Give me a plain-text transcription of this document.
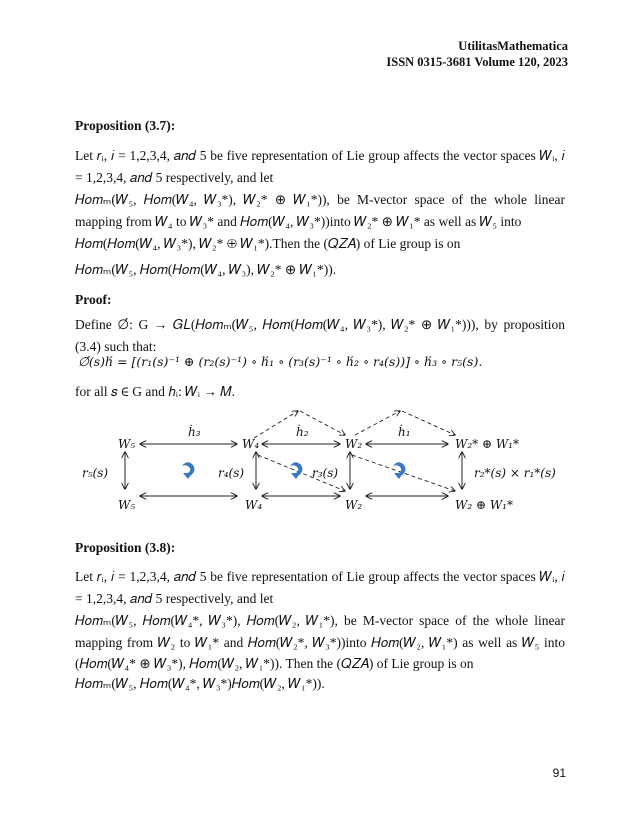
UtilitasMathematica
ISSN 0315-3681 Volume 120, 2023
Proposition (3.7):
Let 𝑟ᵢ, 𝑖 = 1,2,3,4, 𝑎𝑛𝑑 5 be five representation of Lie group affects the vector spaces 𝑊ᵢ, 𝑖 = 1,2,3,4, 𝑎𝑛𝑑 5 respectively, and let
𝐻𝑜𝑚ₘ(𝑊₅, 𝐻𝑜𝑚(𝑊₄, 𝑊₃*), 𝑊₂* ⊕ 𝑊₁*)), be M-vector space of the whole linear mapping from 𝑊₄ to 𝑊₃* and 𝐻𝑜𝑚(𝑊₄, 𝑊₃*))into 𝑊₂* ⊕ 𝑊₁* as well as 𝑊₅ into
𝐻𝑜𝑚(𝐻𝑜𝑚(𝑊₄, 𝑊₃*), 𝑊₂* ⊕ 𝑊₁*).Then the (𝑄𝑍𝐴) of Lie group is on
𝐻𝑜𝑚ₘ(𝑊₅, 𝐻𝑜𝑚(𝐻𝑜𝑚(𝑊₄, 𝑊₃), 𝑊₂* ⊕ 𝑊₁*)).
Proof:
Define ∅́: G → 𝐺𝐿(𝐻𝑜𝑚ₘ(𝑊₅, 𝐻𝑜𝑚(𝐻𝑜𝑚(𝑊₄, 𝑊₃*), 𝑊₂* ⊕ 𝑊₁*))), by proposition (3.4) such that:
∅́(𝑠)ℎ́ = [(𝑟₁(𝑠)⁻¹ ⊕ (𝑟₂(𝑠)⁻¹) ∘ ℎ́₁ ∘ (𝑟₃(𝑠)⁻¹ ∘ ℎ́₂ ∘ 𝑟₄(𝑠))] ∘ ℎ́₃ ∘ 𝑟₅(𝑠).
for all 𝑠 ∈ G and ℎᵢ: 𝑊ᵢ → 𝑀.
W₅	W₄	W₂	W₂* ⊕ W₁*
W₅	W₄	W₂	W₂ ⊕ W₁*
ḣ₃	ḣ₂	ḣ₁
r₅(s)	r₄(s)	r₃(s)	r₂*(s) × r₁*(s)
Proposition (3.8):
Let 𝑟ᵢ, 𝑖 = 1,2,3,4, 𝑎𝑛𝑑 5 be five representation of Lie group affects the vector spaces 𝑊ᵢ, 𝑖 = 1,2,3,4, 𝑎𝑛𝑑 5 respectively, and let
𝐻𝑜𝑚ₘ(𝑊₅, 𝐻𝑜𝑚(𝑊₄*, 𝑊₃*), 𝐻𝑜𝑚(𝑊₂, 𝑊₁*), be M-vector space of the whole linear mapping from 𝑊₂ to 𝑊₁* and 𝐻𝑜𝑚(𝑊₂*, 𝑊₃*))into 𝐻𝑜𝑚(𝑊₂, 𝑊₁*) as well as 𝑊₅ into (𝐻𝑜𝑚(𝑊₄* ⊕ 𝑊₃*), 𝐻𝑜𝑚(𝑊₂, 𝑊₁*)). Then the (𝑄𝑍𝐴) of Lie group is on
𝐻𝑜𝑚ₘ(𝑊₅, 𝐻𝑜𝑚(𝑊₄*, 𝑊₃*)𝐻𝑜𝑚(𝑊₂, 𝑊₁*)).
91
